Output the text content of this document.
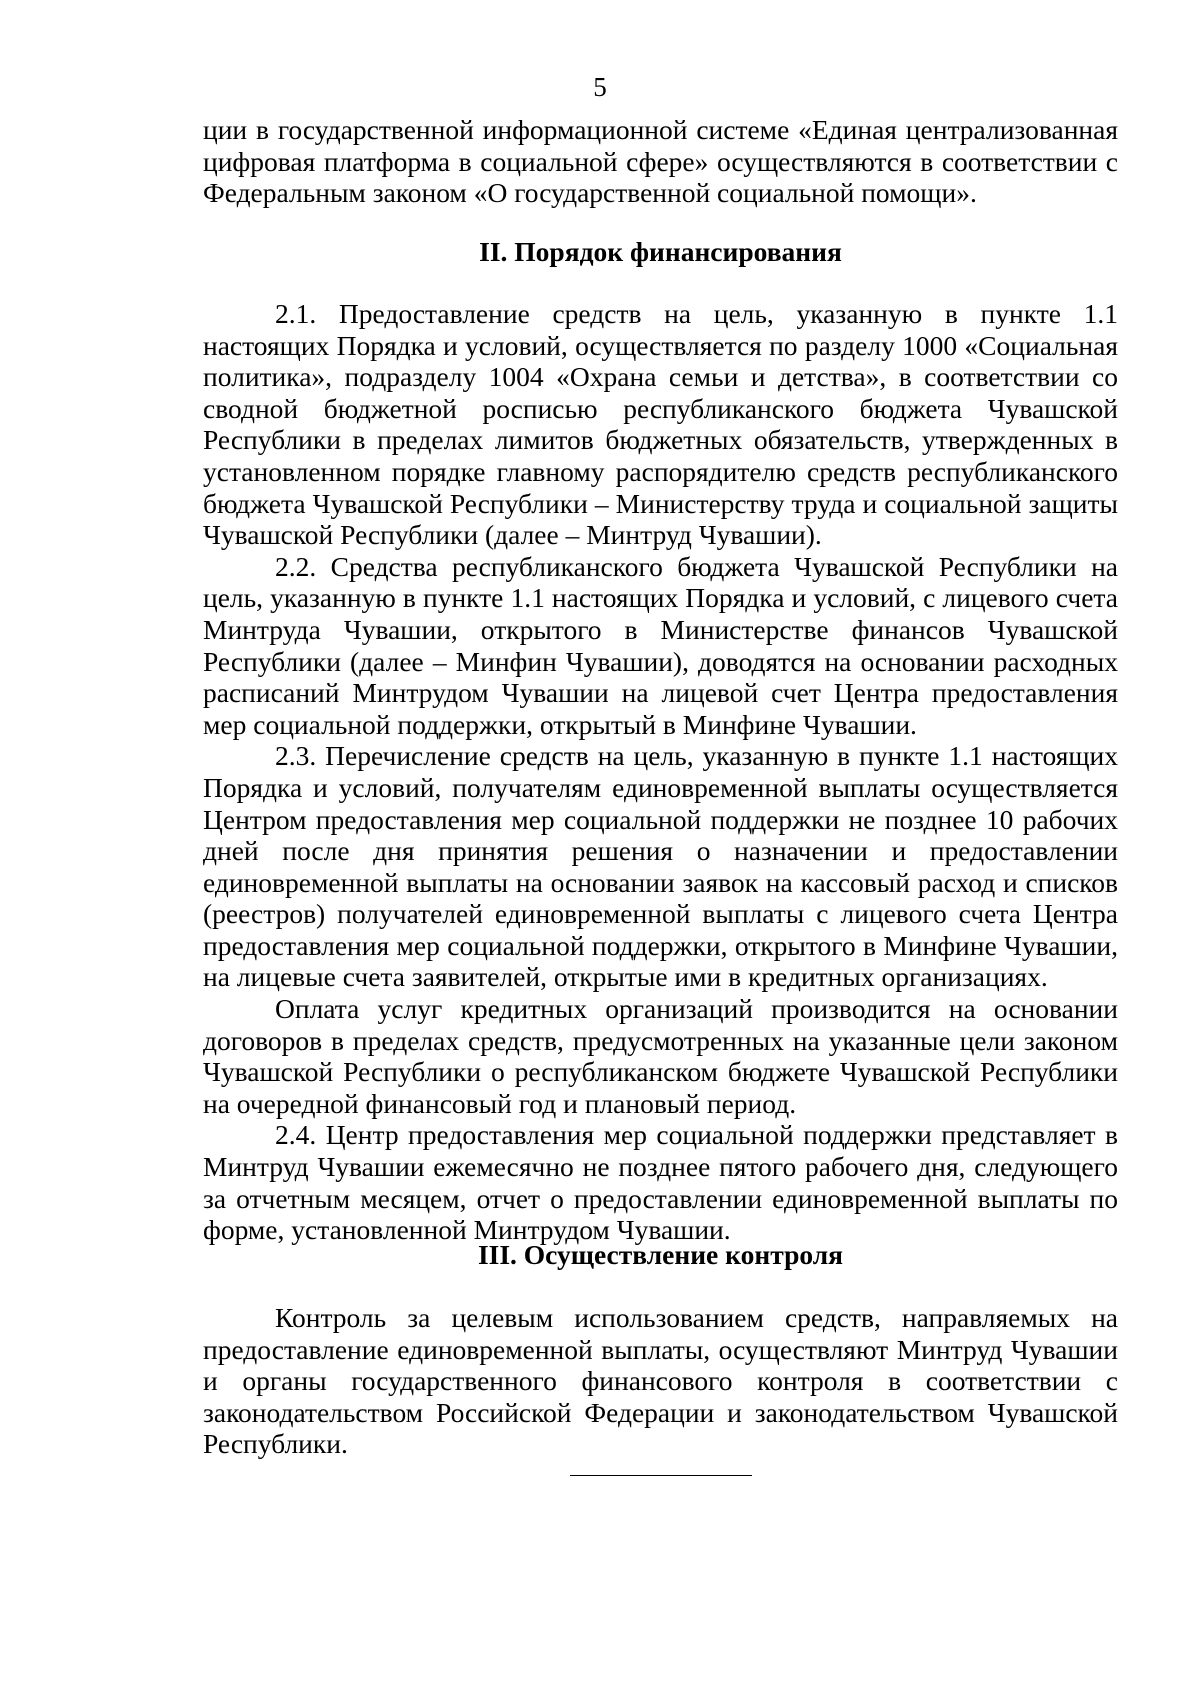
5

ции в государственной информационной системе «Единая централизованная цифровая платформа в социальной сфере» осуществляются в соответствии с Федеральным законом «О государственной социальной помощи».

II. Порядок финансирования

2.1. Предоставление средств на цель, указанную в пункте 1.1 настоящих Порядка и условий, осуществляется по разделу 1000 «Социальная политика», подразделу 1004 «Охрана семьи и детства», в соответствии со сводной бюджетной росписью республиканского бюджета Чувашской Республики в пределах лимитов бюджетных обязательств, утвержденных в установленном порядке главному распорядителю средств республиканского бюджета Чувашской Республики – Министерству труда и социальной защиты Чувашской Республики (далее – Минтруд Чувашии).

2.2. Средства республиканского бюджета Чувашской Республики на цель, указанную в пункте 1.1 настоящих Порядка и условий, с лицевого счета Минтруда Чувашии, открытого в Министерстве финансов Чувашской Республики (далее – Минфин Чувашии), доводятся на основании расходных расписаний Минтрудом Чувашии на лицевой счет Центра предоставления мер социальной поддержки, открытый в Минфине Чувашии.

2.3. Перечисление средств на цель, указанную в пункте 1.1 настоящих Порядка и условий, получателям единовременной выплаты осуществляется Центром предоставления мер социальной поддержки не позднее 10 рабочих дней после дня принятия решения о назначении и предоставлении единовременной выплаты на основании заявок на кассовый расход и списков (реестров) получателей единовременной выплаты с лицевого счета Центра предоставления мер социальной поддержки, открытого в Минфине Чувашии, на лицевые счета заявителей, открытые ими в кредитных организациях.

Оплата услуг кредитных организаций производится на основании договоров в пределах средств, предусмотренных на указанные цели законом Чувашской Республики о республиканском бюджете Чувашской Республики на очередной финансовый год и плановый период.

2.4. Центр предоставления мер социальной поддержки представляет в Минтруд Чувашии ежемесячно не позднее пятого рабочего дня, следующего за отчетным месяцем, отчет о предоставлении единовременной выплаты по форме, установленной Минтрудом Чувашии.

III. Осуществление контроля

Контроль за целевым использованием средств, направляемых на предоставление единовременной выплаты, осуществляют Минтруд Чувашии и органы государственного финансового контроля в соответствии с законодательством Российской Федерации и законодательством Чувашской Республики.
